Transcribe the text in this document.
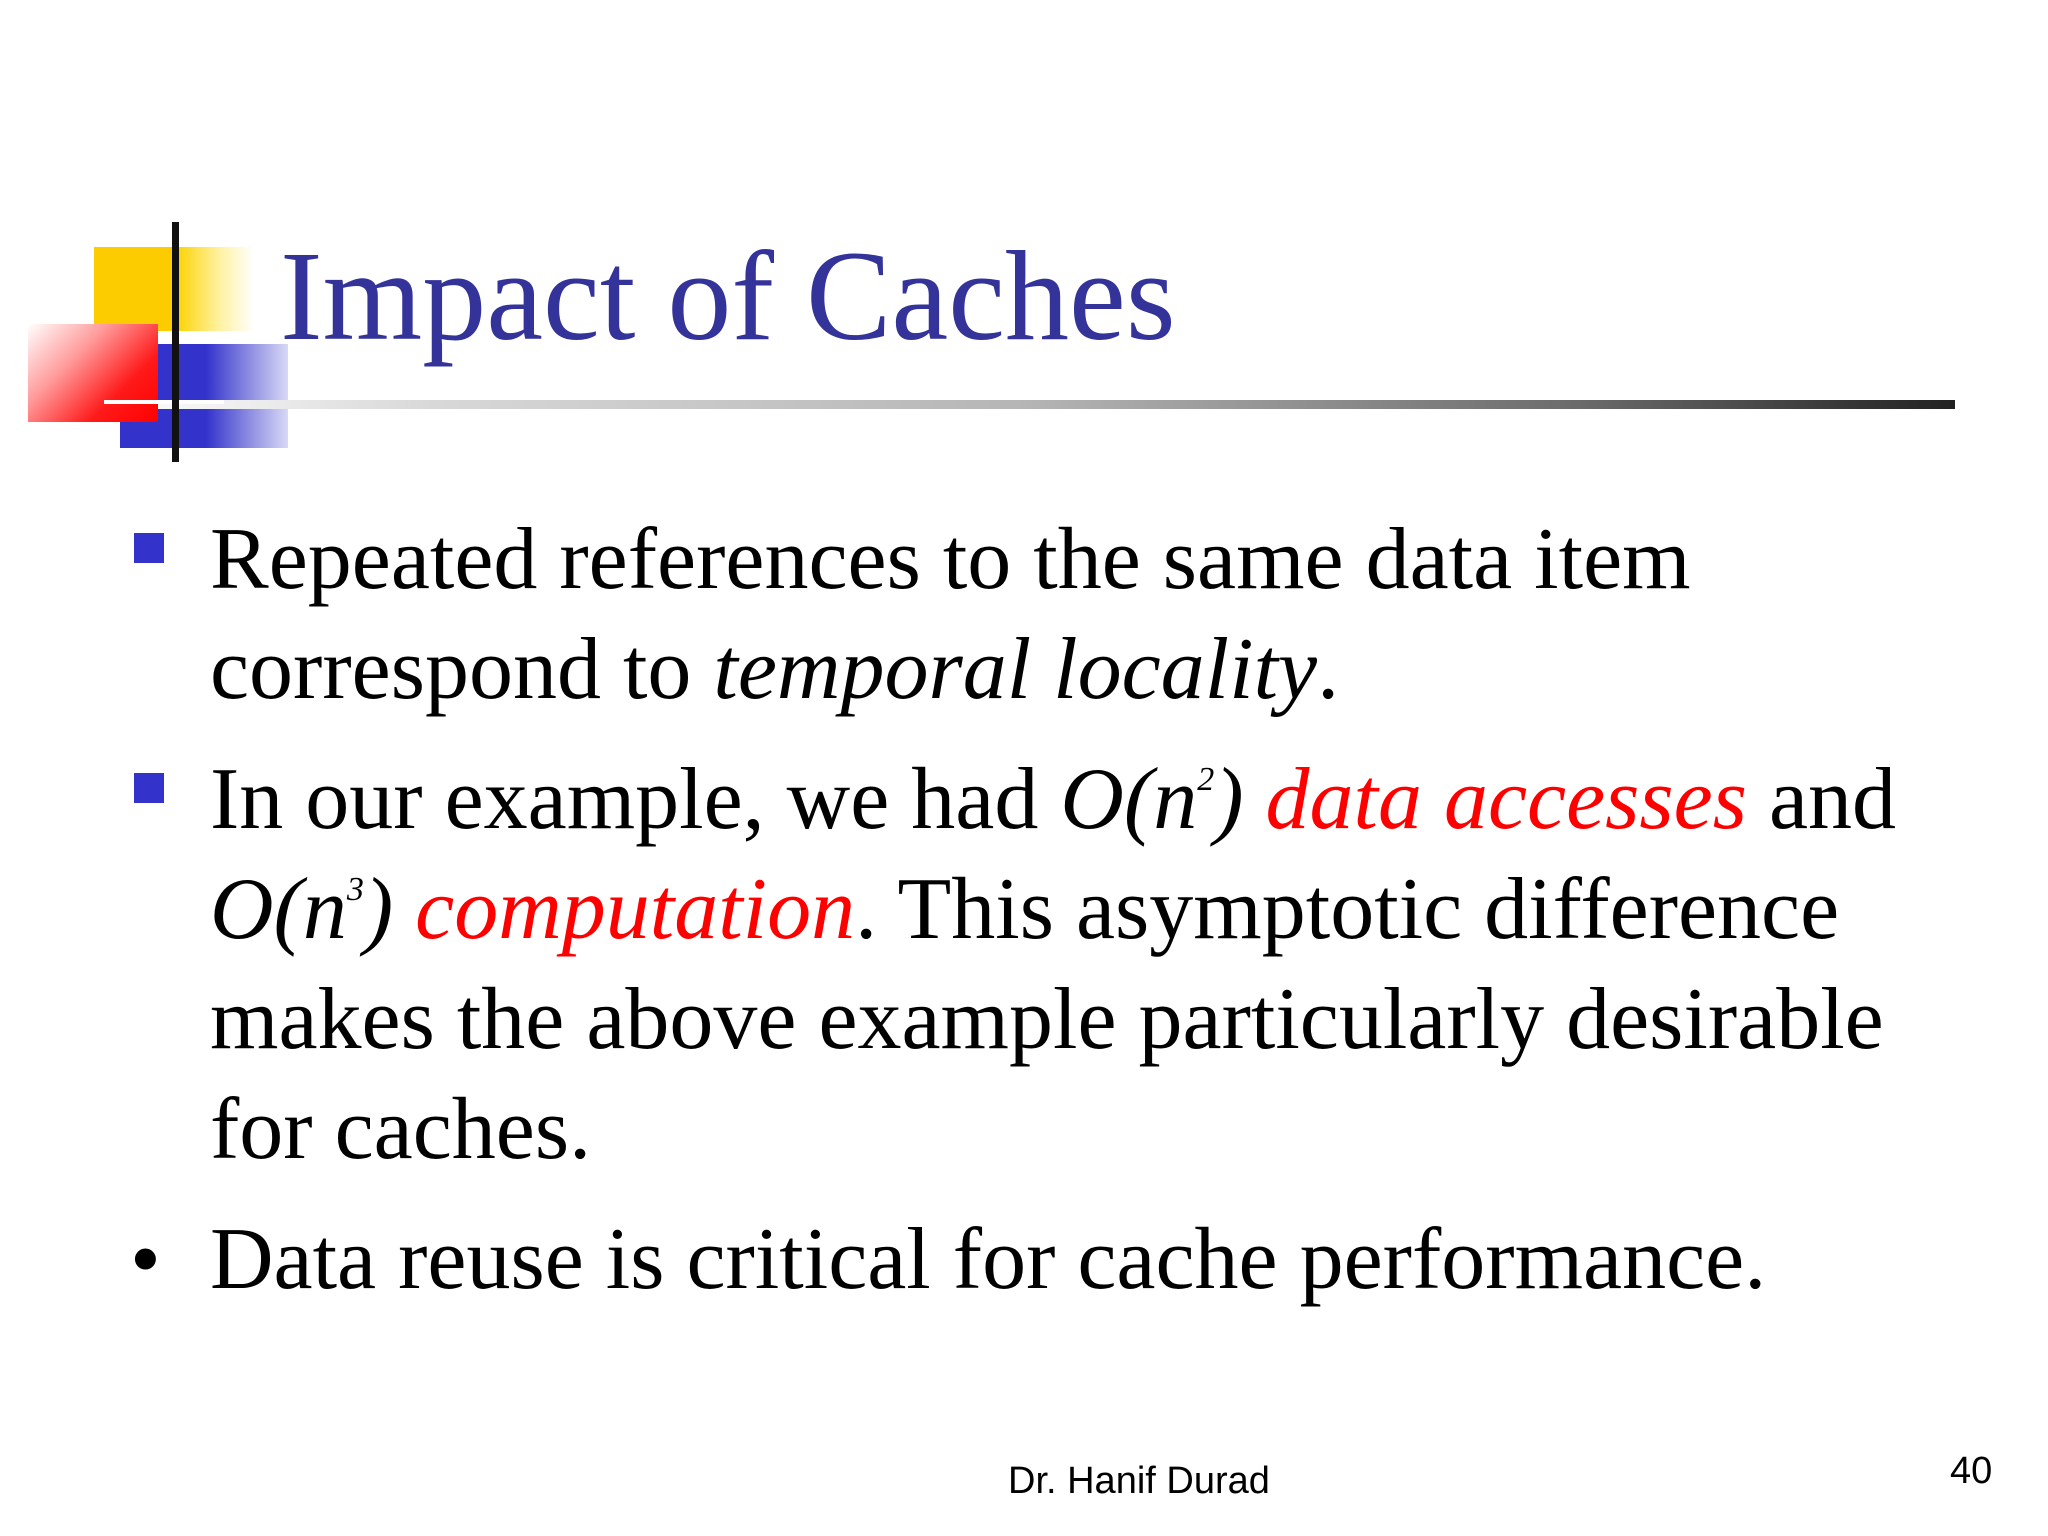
Impact of Caches
Repeated references to the same data item
correspond to temporal locality.
In our example, we had $O(n^2)$ data accesses and
$O(n^3)$ computation. This asymptotic difference
makes the above example particularly desirable
for caches.
• Data reuse is critical for cache performance.
Dr. Hanif Durad	40
